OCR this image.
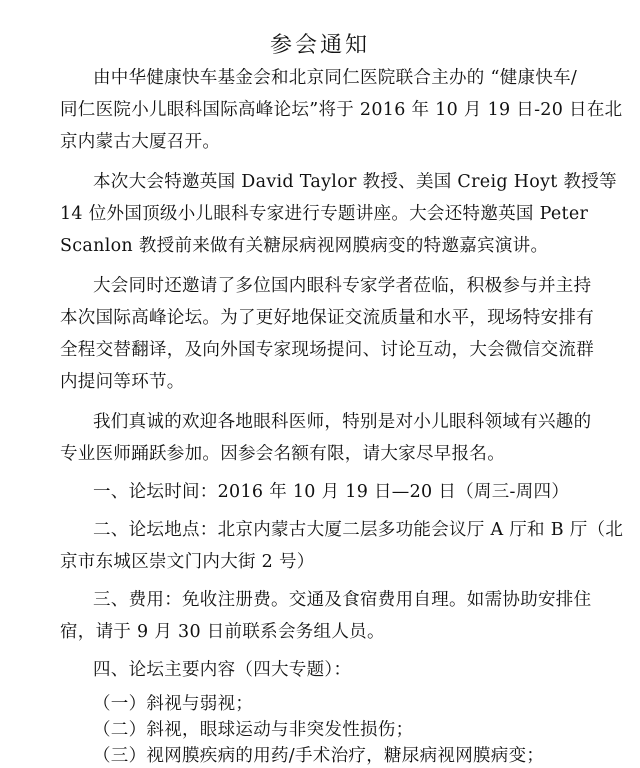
参会通知
由中华健康快车基金会和北京同仁医院联合主办的 “健康快车/
同仁医院小儿眼科国际高峰论坛”将于 2016 年 10 月 19 日-20 日在北
京内蒙古大厦召开。
本次大会特邀英国 David Taylor 教授、美国 Creig Hoyt 教授等
14 位外国顶级小儿眼科专家进行专题讲座。大会还特邀英国 Peter
Scanlon 教授前来做有关糖尿病视网膜病变的特邀嘉宾演讲。
大会同时还邀请了多位国内眼科专家学者莅临，积极参与并主持
本次国际高峰论坛。为了更好地保证交流质量和水平，现场特安排有
全程交替翻译，及向外国专家现场提问、讨论互动，大会微信交流群
内提问等环节。
我们真诚的欢迎各地眼科医师，特别是对小儿眼科领域有兴趣的
专业医师踊跃参加。因参会名额有限，请大家尽早报名。
一、论坛时间：2016 年 10 月 19 日—20 日（周三-周四）
二、论坛地点：北京内蒙古大厦二层多功能会议厅 A 厅和 B 厅（北
京市东城区崇文门内大街 2 号）
三、费用：免收注册费。交通及食宿费用自理。如需协助安排住
宿，请于 9 月 30 日前联系会务组人员。
四、论坛主要内容（四大专题）：
（一）斜视与弱视；
（二）斜视，眼球运动与非突发性损伤；
（三）视网膜疾病的用药/手术治疗，糖尿病视网膜病变；
